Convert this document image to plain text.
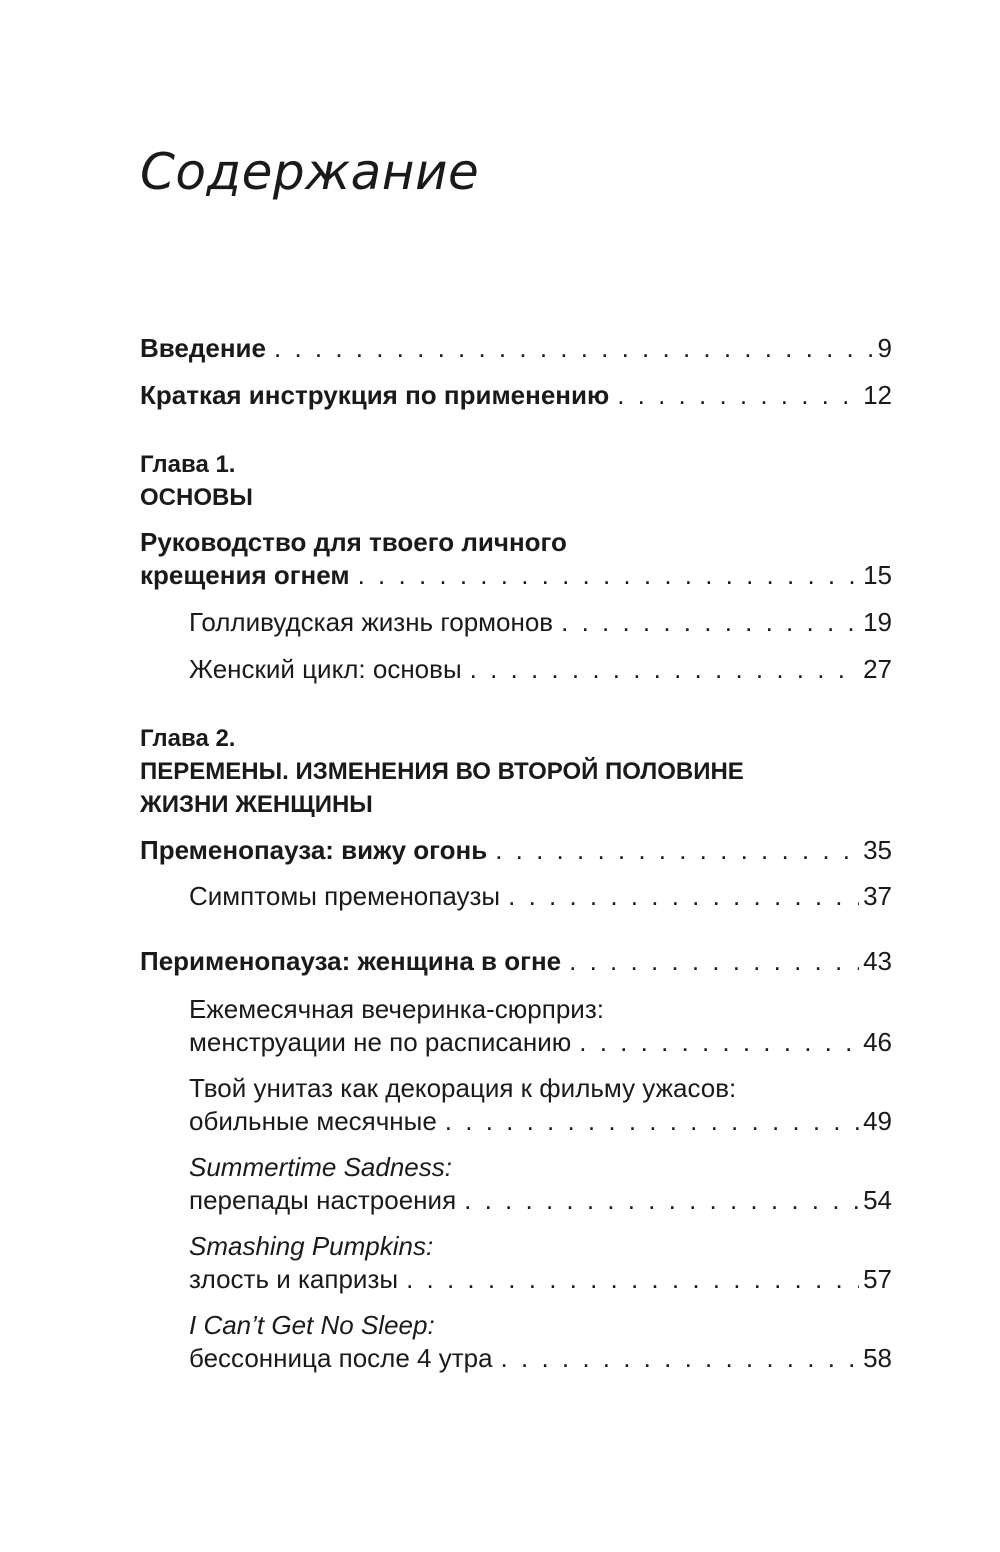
Содержание
Введение . . .	9
Краткая инструкция по применению . . .	12
Глава 1.
ОСНОВЫ
Руководство для твоего личного
крещения огнем . . .	15
Голливудская жизнь гормонов . . .	19
Женский цикл: основы . . .	27
Глава 2.
ПЕРЕМЕНЫ. ИЗМЕНЕНИЯ ВО ВТОРОЙ ПОЛОВИНЕ
ЖИЗНИ ЖЕНЩИНЫ
Пременопауза: вижу огонь . . .	35
Симптомы пременопаузы . . .	37
Перименопауза: женщина в огне . . .	43
Ежемесячная вечеринка-сюрприз:
менструации не по расписанию . . .	46
Твой унитаз как декорация к фильму ужасов:
обильные месячные . . .	49
Summertime Sadness:
перепады настроения . . .	54
Smashing Pumpkins:
злость и капризы . . .	57
I Can’t Get No Sleep:
бессонница после 4 утра . . .	58
